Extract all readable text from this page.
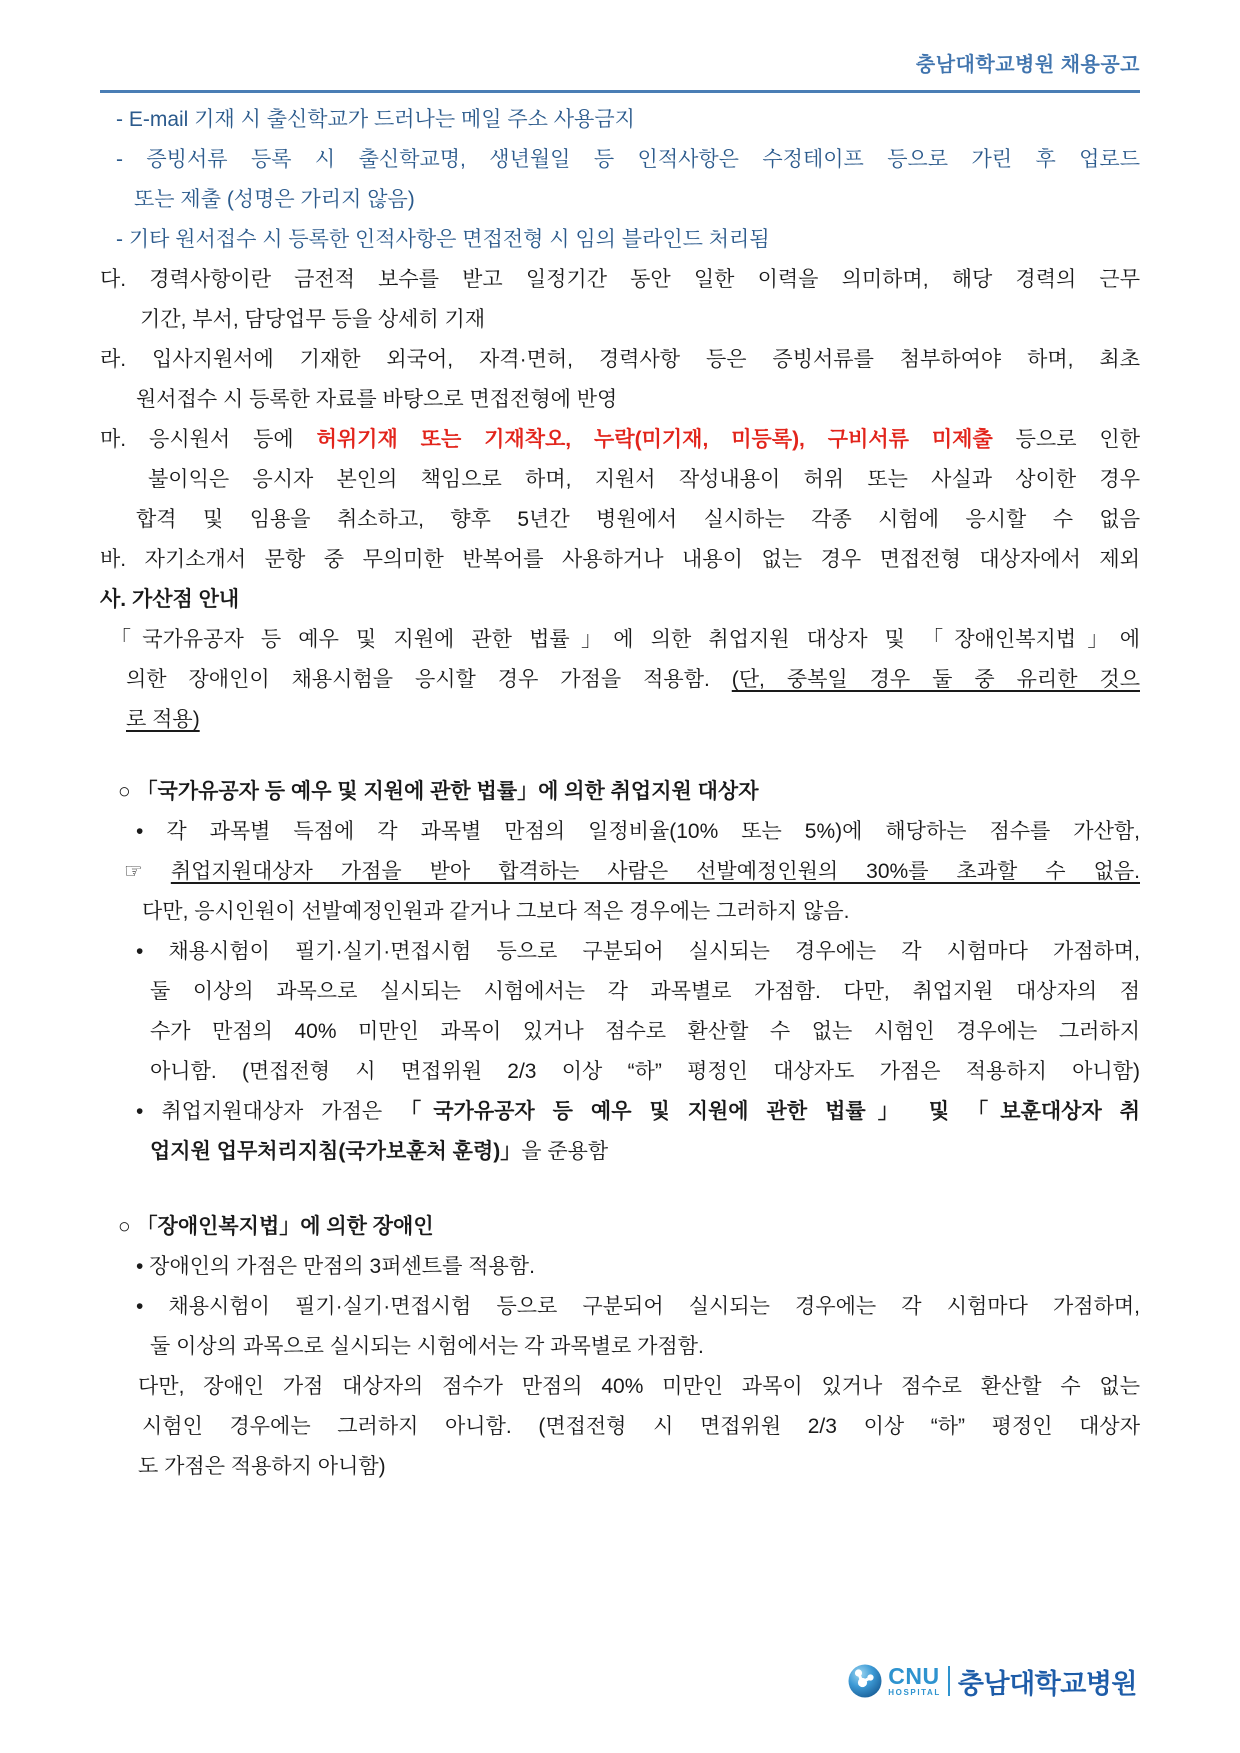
충남대학교병원 채용공고
- E-mail 기재 시 출신학교가 드러나는 메일 주소 사용금지
- 증빙서류 등록 시 출신학교명, 생년월일 등 인적사항은 수정테이프 등으로 가린 후 업로드
또는 제출 (성명은 가리지 않음)
- 기타 원서접수 시 등록한 인적사항은 면접전형 시 임의 블라인드 처리됨
다. 경력사항이란 금전적 보수를 받고 일정기간 동안 일한 이력을 의미하며, 해당 경력의 근무
기간, 부서, 담당업무 등을 상세히 기재
라. 입사지원서에 기재한 외국어, 자격·면허, 경력사항 등은 증빙서류를 첨부하여야 하며, 최초
원서접수 시 등록한 자료를 바탕으로 면접전형에 반영
마. 응시원서 등에 허위기재 또는 기재착오, 누락(미기재, 미등록), 구비서류 미제출 등으로 인한
불이익은 응시자 본인의 책임으로 하며, 지원서 작성내용이 허위 또는 사실과 상이한 경우
합격 및 임용을 취소하고, 향후 5년간 병원에서 실시하는 각종 시험에 응시할 수 없음
바. 자기소개서 문항 중 무의미한 반복어를 사용하거나 내용이 없는 경우 면접전형 대상자에서 제외
사. 가산점 안내
「국가유공자 등 예우 및 지원에 관한 법률」에 의한 취업지원 대상자 및 「장애인복지법」에
의한 장애인이 채용시험을 응시할 경우 가점을 적용함. (단, 중복일 경우 둘 중 유리한 것으
로 적용)
○ 「국가유공자 등 예우 및 지원에 관한 법률」에 의한 취업지원 대상자
• 각 과목별 득점에 각 과목별 만점의 일정비율(10% 또는 5%)에 해당하는 점수를 가산함,
☞ 취업지원대상자 가점을 받아 합격하는 사람은 선발예정인원의 30%를 초과할 수 없음.
다만, 응시인원이 선발예정인원과 같거나 그보다 적은 경우에는 그러하지 않음.
• 채용시험이 필기·실기·면접시험 등으로 구분되어 실시되는 경우에는 각 시험마다 가점하며,
둘 이상의 과목으로 실시되는 시험에서는 각 과목별로 가점함. 다만, 취업지원 대상자의 점
수가 만점의 40% 미만인 과목이 있거나 점수로 환산할 수 없는 시험인 경우에는 그러하지
아니함. (면접전형 시 면접위원 2/3 이상 “하” 평정인 대상자도 가점은 적용하지 아니함)
• 취업지원대상자 가점은 「국가유공자 등 예우 및 지원에 관한 법률」 및 「보훈대상자 취
업지원 업무처리지침(국가보훈처 훈령)」을 준용함
○ 「장애인복지법」에 의한 장애인
• 장애인의 가점은 만점의 3퍼센트를 적용함.
• 채용시험이 필기·실기·면접시험 등으로 구분되어 실시되는 경우에는 각 시험마다 가점하며,
둘 이상의 과목으로 실시되는 시험에서는 각 과목별로 가점함.
다만, 장애인 가점 대상자의 점수가 만점의 40% 미만인 과목이 있거나 점수로 환산할 수 없는
시험인 경우에는 그러하지 아니함. (면접전형 시 면접위원 2/3 이상 “하” 평정인 대상자
도 가점은 적용하지 아니함)
CNU
HOSPITAL 충남대학교병원
